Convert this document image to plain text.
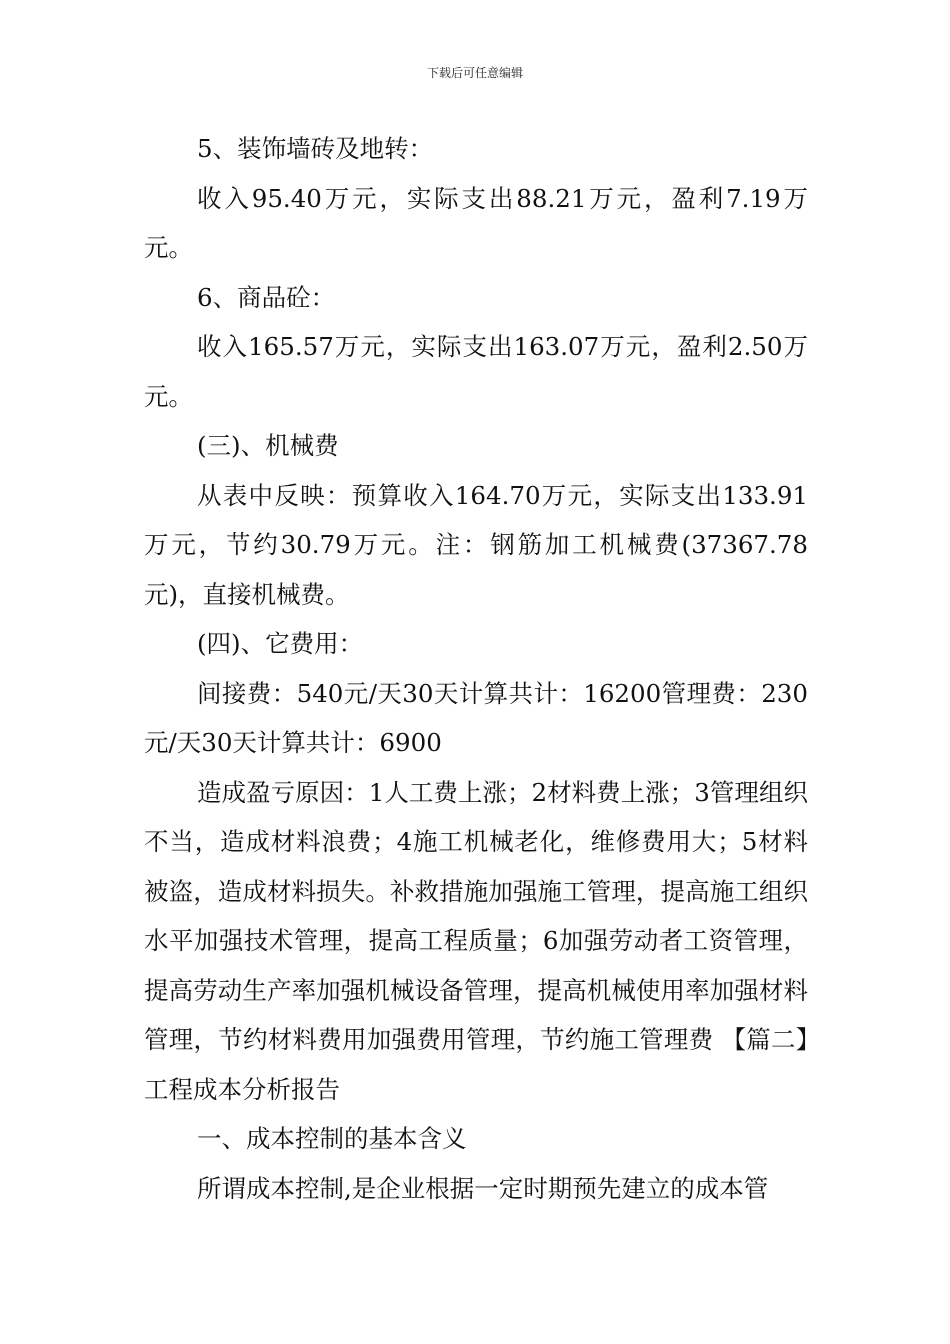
下载后可任意编辑

5、装饰墙砖及地转：

收入95.40万元，实际支出88.21万元，盈利7.19万元。

6、商品砼：

收入165.57万元，实际支出163.07万元，盈利2.50万元。

(三)、机械费

从表中反映：预算收入164.70万元，实际支出133.91万元，节约30.79万元。注：钢筋加工机械费(37367.78元)，直接机械费。

(四)、它费用：

间接费：540元/天30天计算共计：16200管理费：230元/天30天计算共计：6900

造成盈亏原因：1人工费上涨；2材料费上涨；3管理组织不当，造成材料浪费；4施工机械老化，维修费用大；5材料被盗，造成材料损失。补救措施加强施工管理，提高施工组织水平加强技术管理，提高工程质量；6加强劳动者工资管理，提高劳动生产率加强机械设备管理，提高机械使用率加强材料管理，节约材料费用加强费用管理，节约施工管理费 【篇二】工程成本分析报告

一、成本控制的基本含义

所谓成本控制,是企业根据一定时期预先建立的成本管
